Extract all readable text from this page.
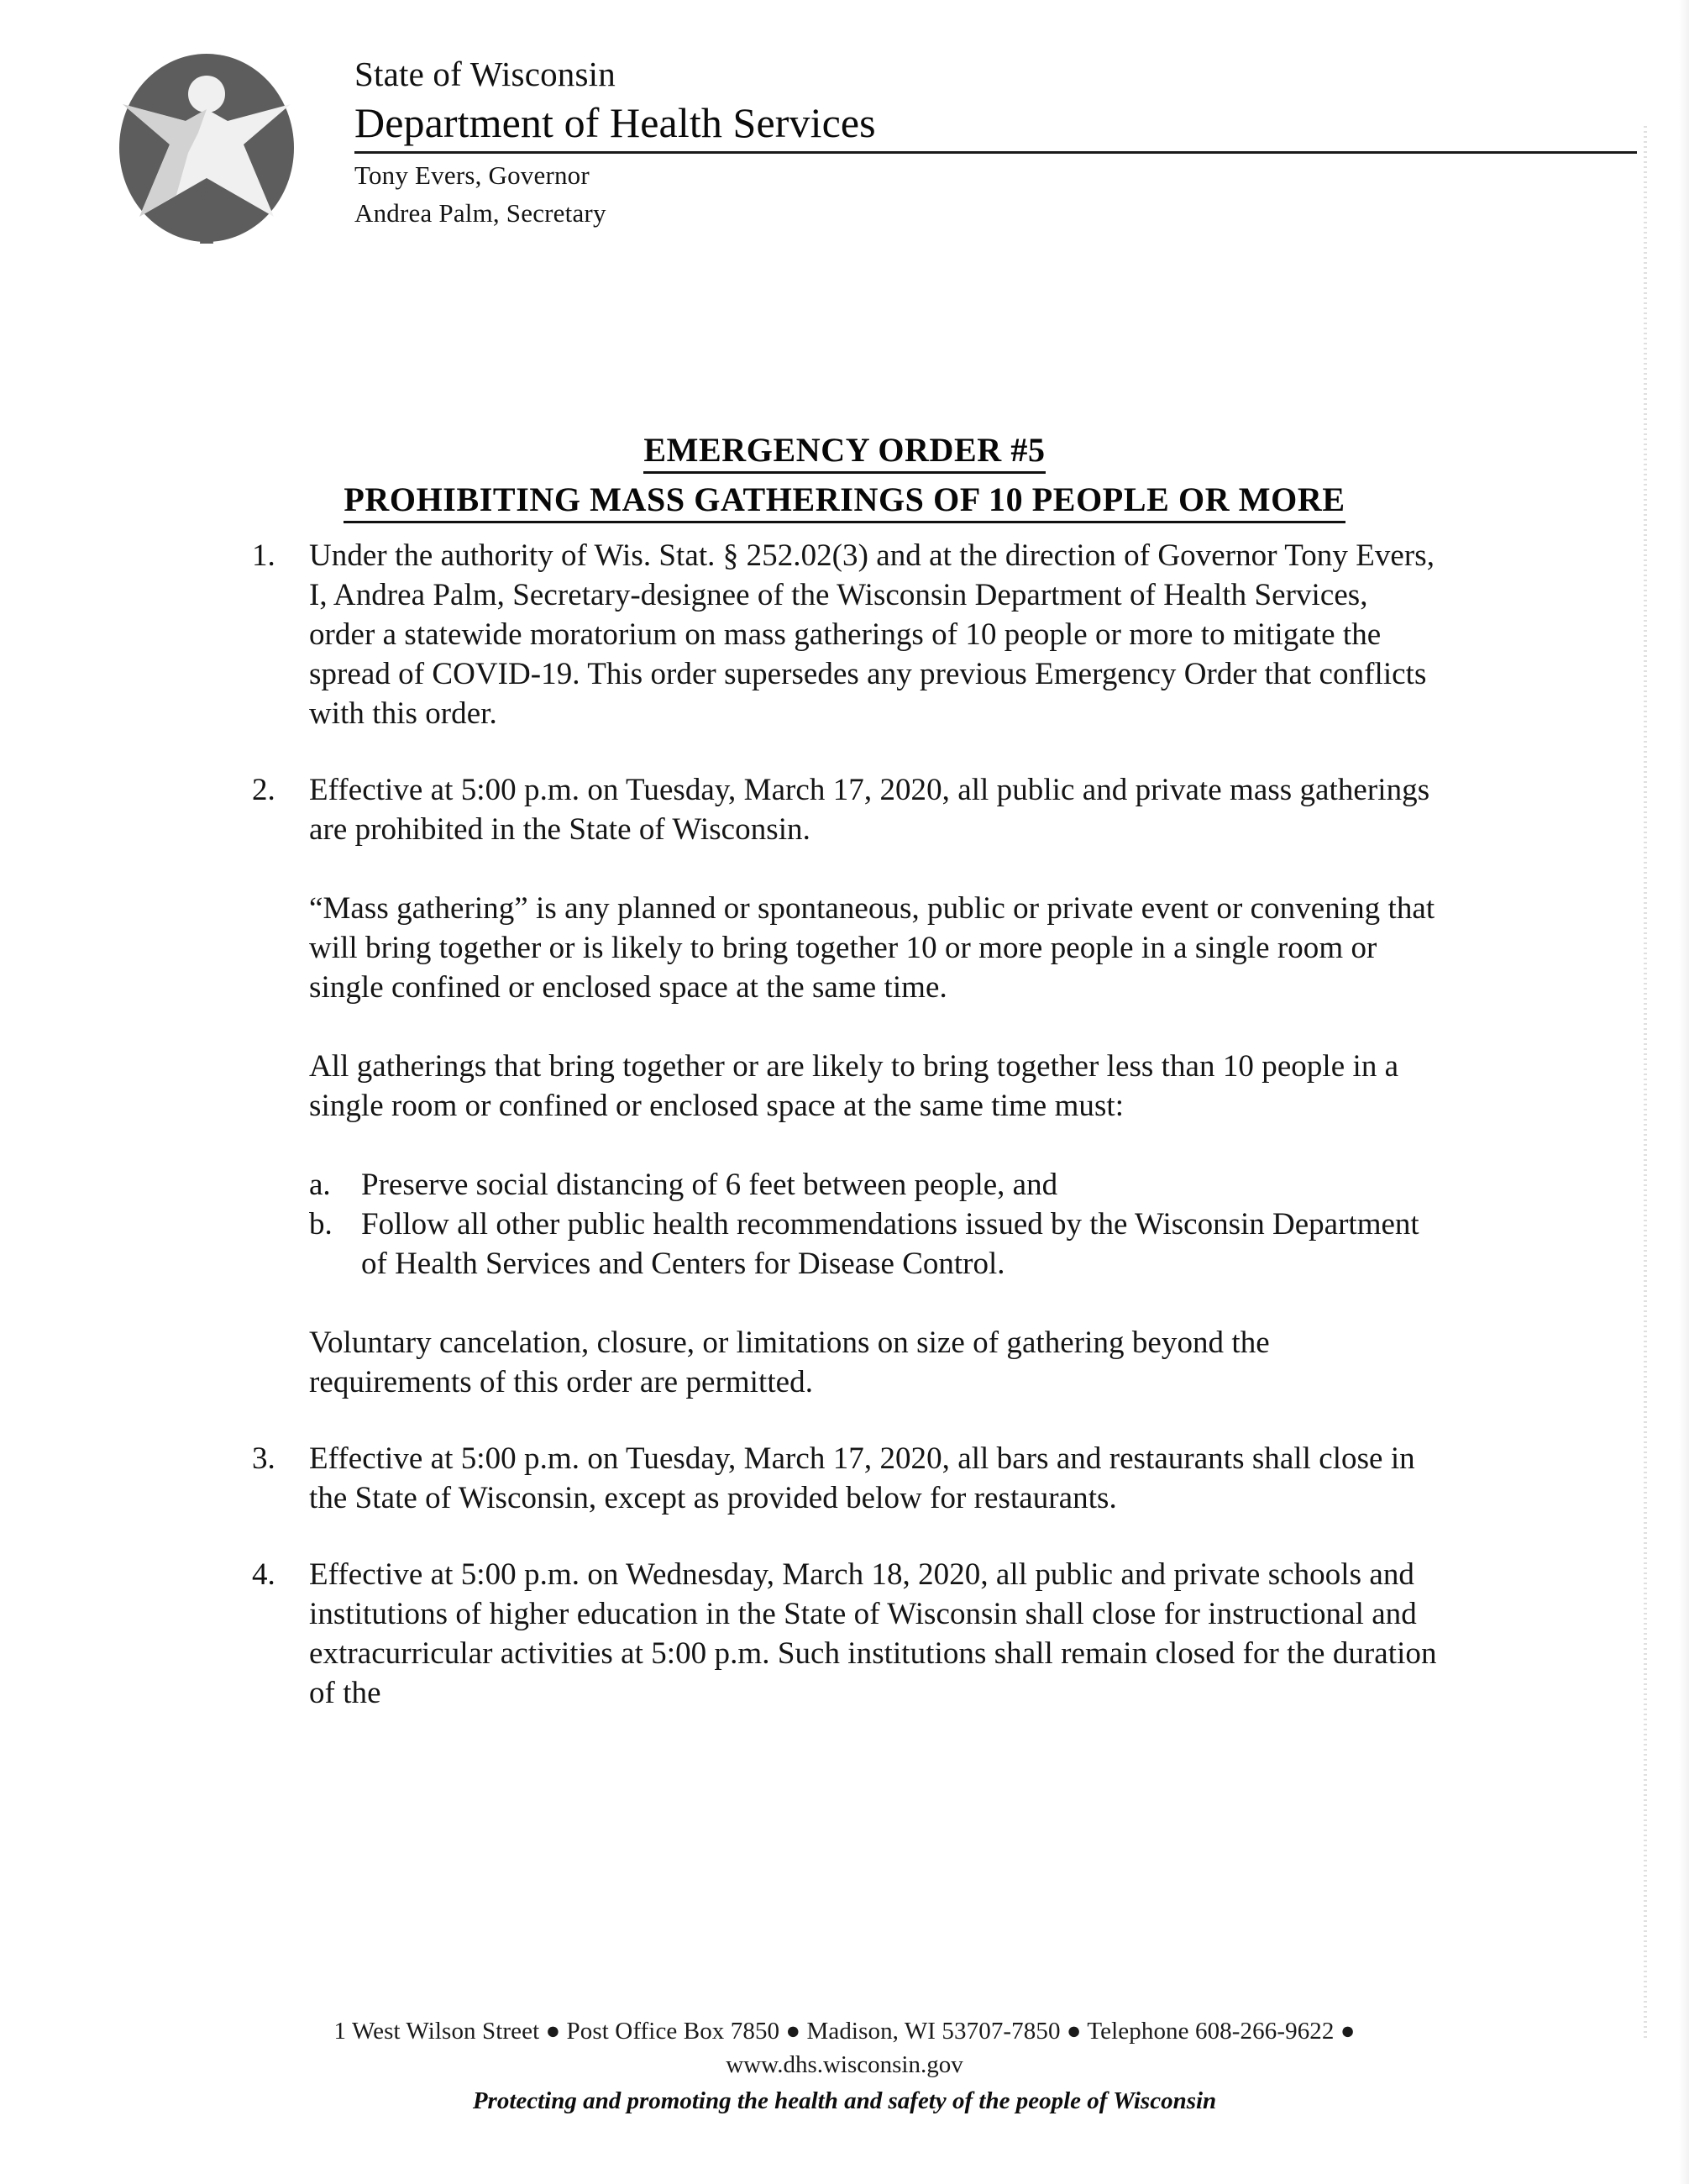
State of Wisconsin
Department of Health Services
Tony Evers, Governor
Andrea Palm, Secretary
EMERGENCY ORDER #5
PROHIBITING MASS GATHERINGS OF 10 PEOPLE OR MORE
1.	Under the authority of Wis. Stat. § 252.02(3) and at the direction of Governor Tony Evers, I, Andrea Palm, Secretary-designee of the Wisconsin Department of Health Services, order a statewide moratorium on mass gatherings of 10 people or more to mitigate the spread of COVID-19. This order supersedes any previous Emergency Order that conflicts with this order.

2.	Effective at 5:00 p.m. on Tuesday, March 17, 2020, all public and private mass gatherings are prohibited in the State of Wisconsin.

“Mass gathering” is any planned or spontaneous, public or private event or convening that will bring together or is likely to bring together 10 or more people in a single room or single confined or enclosed space at the same time.

All gatherings that bring together or are likely to bring together less than 10 people in a single room or confined or enclosed space at the same time must:

a. Preserve social distancing of 6 feet between people, and
b. Follow all other public health recommendations issued by the Wisconsin Department of Health Services and Centers for Disease Control.

Voluntary cancelation, closure, or limitations on size of gathering beyond the requirements of this order are permitted.

3.	Effective at 5:00 p.m. on Tuesday, March 17, 2020, all bars and restaurants shall close in the State of Wisconsin, except as provided below for restaurants.

4.	Effective at 5:00 p.m. on Wednesday, March 18, 2020, all public and private schools and institutions of higher education in the State of Wisconsin shall close for instructional and extracurricular activities at 5:00 p.m. Such institutions shall remain closed for the duration of the

1 West Wilson Street ● Post Office Box 7850 ● Madison, WI 53707-7850 ● Telephone 608-266-9622 ●
www.dhs.wisconsin.gov
Protecting and promoting the health and safety of the people of Wisconsin
